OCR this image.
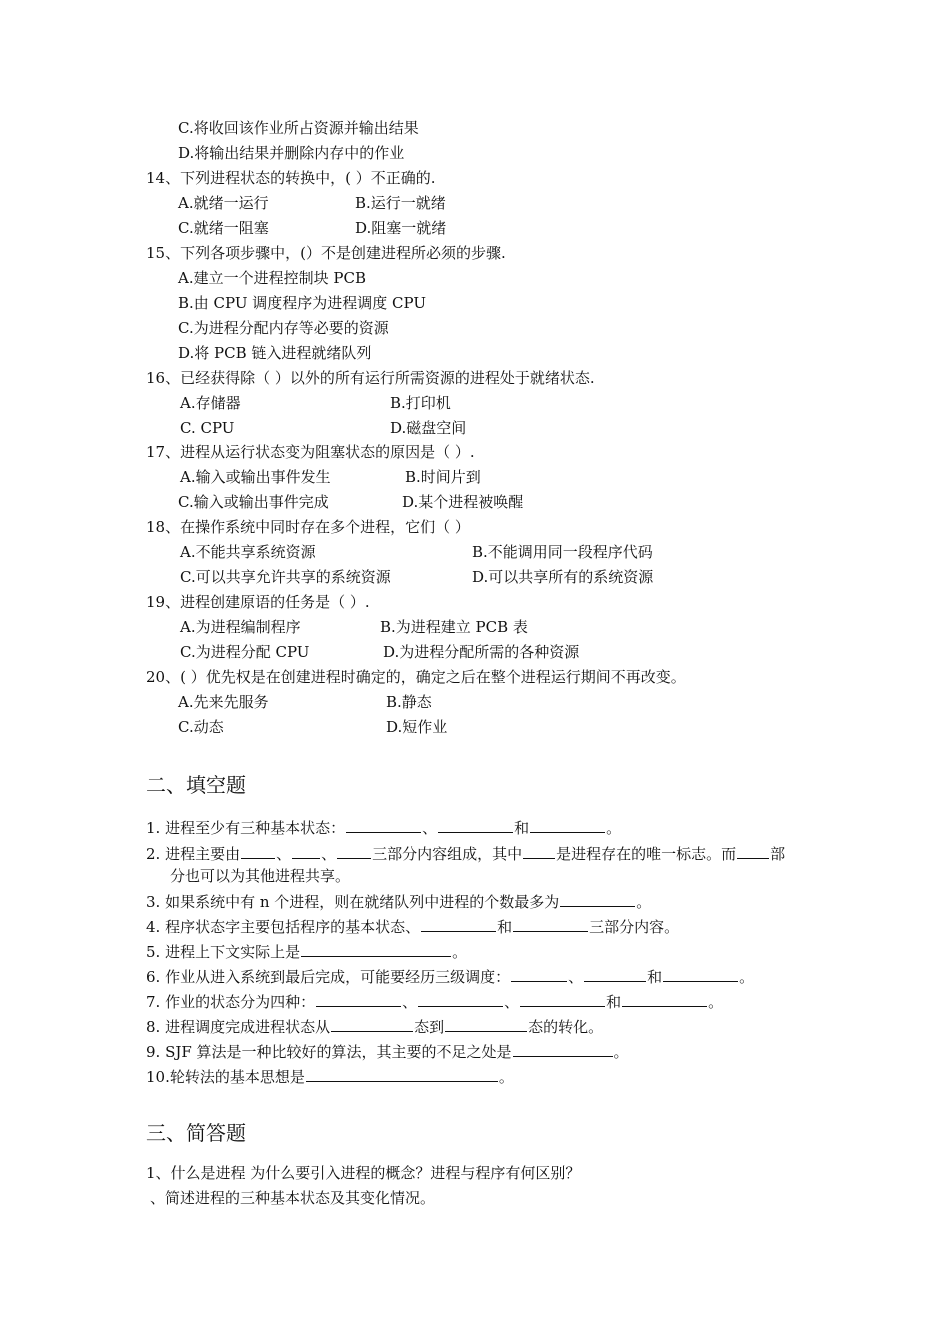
C.将收回该作业所占资源并输出结果
D.将输出结果并删除内存中的作业
14、下列进程状态的转换中，( ）不正确的.
A.就绪一运行	B.运行一就绪
C.就绪一阻塞	D.阻塞一就绪
15、下列各项步骤中，(）不是创建进程所必须的步骤.
A.建立一个进程控制块 PCB
B.由 CPU 调度程序为进程调度 CPU
C.为进程分配内存等必要的资源
D.将 PCB 链入进程就绪队列
16、已经获得除（ ）以外的所有运行所需资源的进程处于就绪状态.
A.存储器	B.打印机
C. CPU	D.磁盘空间
17、进程从运行状态变为阻塞状态的原因是（ ）.
A.输入或输出事件发生	B.时间片到
C.输入或输出事件完成	D.某个进程被唤醒
18、在操作系统中同时存在多个进程，它们（ ）
A.不能共享系统资源	B.不能调用同一段程序代码
C.可以共享允许共享的系统资源	D.可以共享所有的系统资源
19、进程创建原语的任务是（ ）.
A.为进程编制程序	B.为进程建立 PCB 表
C.为进程分配 CPU	D.为进程分配所需的各种资源
20、( ）优先权是在创建进程时确定的，确定之后在整个进程运行期间不再改变。
A.先来先服务	B.静态
C.动态	D.短作业
二、填空题
1. 进程至少有三种基本状态：	、	和	。
2. 进程主要由 、 、 三部分内容组成，其中 是进程存在的唯一标志。而 部
分也可以为其他进程共享。
3. 如果系统中有 n 个进程，则在就绪队列中进程的个数最多为	。
4. 程序状态字主要包括程序的基本状态、	和	三部分内容。
5. 进程上下文实际上是	。
6. 作业从进入系统到最后完成，可能要经历三级调度：	、	和	。
7. 作业的状态分为四种：	、	、	和	。
8. 进程调度完成进程状态从	态到	态的转化。
9. SJF 算法是一种比较好的算法，其主要的不足之处是	。
10.轮转法的基本思想是	。
三、简答题
1、什么是进程 为什么要引入进程的概念？进程与程序有何区别？
、简述进程的三种基本状态及其变化情况。
